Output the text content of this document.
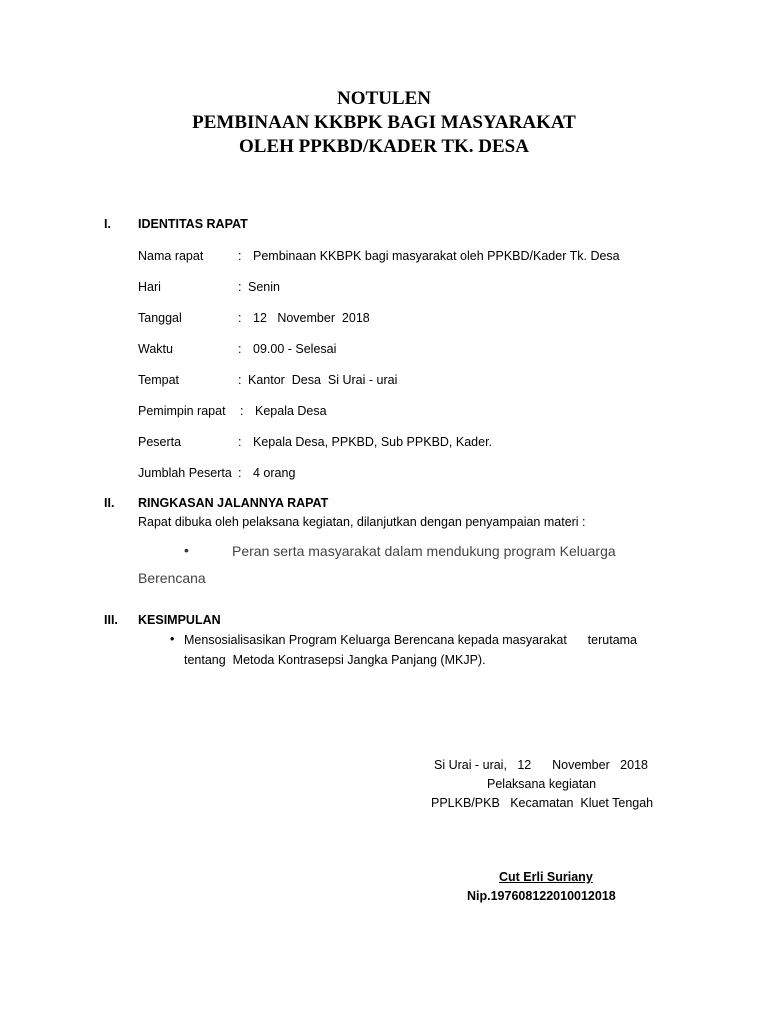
NOTULEN
PEMBINAAN KKBPK BAGI MASYARAKAT
OLEH PPKBD/KADER TK. DESA
I. IDENTITAS RAPAT
Nama rapat	: Pembinaan KKBPK bagi masyarakat oleh PPKBD/Kader Tk. Desa
Hari	: Senin
Tanggal	: 12   November  2018
Waktu	: 09.00 - Selesai
Tempat	: Kantor  Desa  Si Urai - urai
Pemimpin rapat : Kepala Desa
Peserta	: Kepala Desa, PPKBD, Sub PPKBD, Kader.
Jumblah Peserta : 4 orang
II. RINGKASAN JALANNYA RAPAT
Rapat dibuka oleh pelaksana kegiatan, dilanjutkan dengan penyampaian materi :
•	Peran serta masyarakat dalam mendukung program Keluarga
Berencana
III. KESIMPULAN
• Mensosialisasikan Program Keluarga Berencana kepada masyarakat      terutama
tentang  Metoda Kontrasepsi Jangka Panjang (MKJP).
Si Urai - urai,   12      November   2018
Pelaksana kegiatan
PPLKB/PKB   Kecamatan  Kluet Tengah
Cut Erli Suriany
Nip.197608122010012018
